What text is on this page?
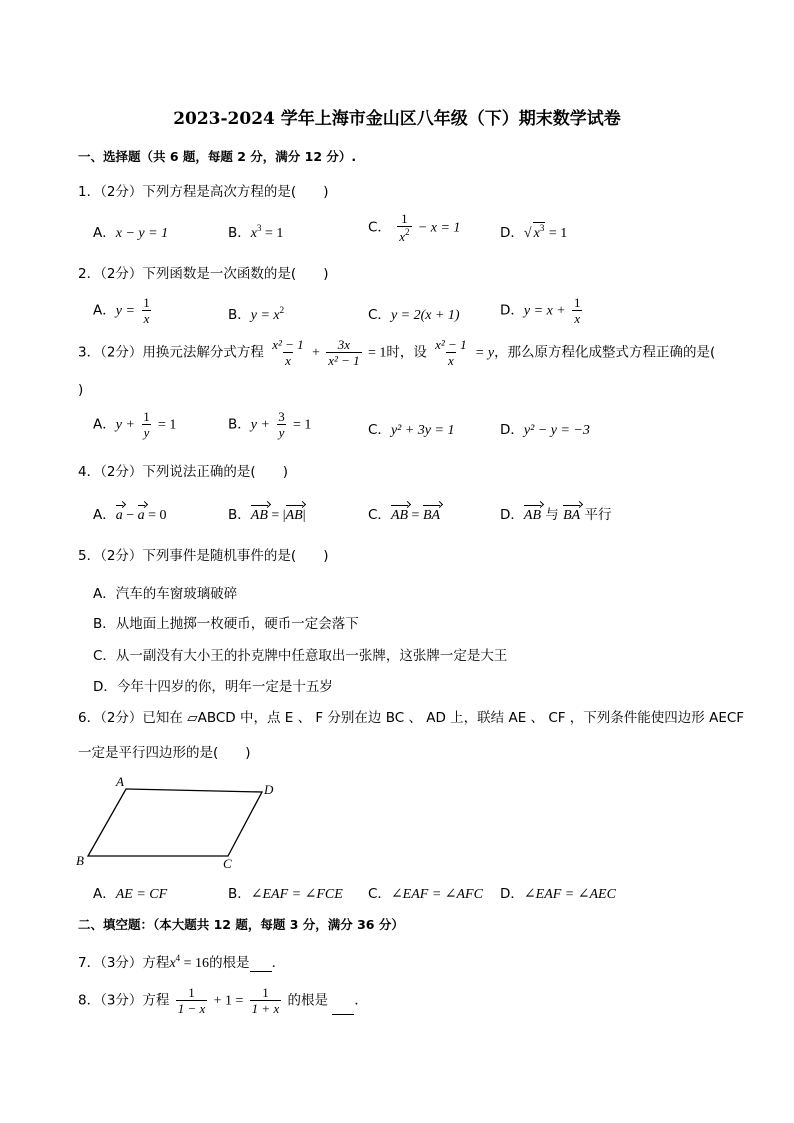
2023-2024 学年上海市金山区八年级（下）期末数学试卷
一、选择题（共 6 题，每题 2 分，满分 12 分）.
1．（2分）下列方程是高次方程的是(　　)
A．x − y = 1	B．$x^3 = 1$	C． $\frac{1}{x^2} - x = 1$	D．√ $x^3 = 1$
2．（2分）下列函数是一次函数的是(　　)
A．$y = \frac{1}{x}$	B．$y = x^2$	C．y = 2(x + 1)	D．$y = x + \frac{1}{x}$
3．（2分）用换元法解分式方程 $\frac{\text{x² − 1}}{x} + \frac{3x}{\text{x² − 1}} = 1$时，设 $\frac{\text{x² − 1}}{x} = y$，那么原方程化成整式方程正确的是(
)
A．$y + \frac{1}{y} = 1$	B．$y + \frac{3}{y} = 1$	C．y² + 3y = 1	D．y² − y = −3
4．（2分）下列说法正确的是(　　)
A．a − a = 0	B．AB = |AB|	C．AB = BA	D．AB 与 BA 平行
5．（2分）下列事件是随机事件的是(　　)
A．汽车的车窗玻璃破碎
B．从地面上抛掷一枚硬币，硬币一定会落下
C．从一副没有大小王的扑克牌中任意取出一张牌，这张牌一定是大王
D．今年十四岁的你，明年一定是十五岁
6．（2分）已知在 ▱ABCD 中，点 E 、 F 分别在边 BC 、 AD 上，联结 AE 、 CF ，下列条件能使四边形 AECF
一定是平行四边形的是(　　)
A
D
B	C
A．AE = CF	B．∠EAF = ∠FCE C．∠EAF = ∠AFC D．∠EAF = ∠AEC
二、填空题：（本大题共 12 题，每题 3 分，满分 36 分）
7．（3分）方程$x^4 = 16$的根是 ．
8．（3分）方程 $\frac{1}{1 - x} + 1 = \frac{1}{1 + x}$ 的根是 ．
